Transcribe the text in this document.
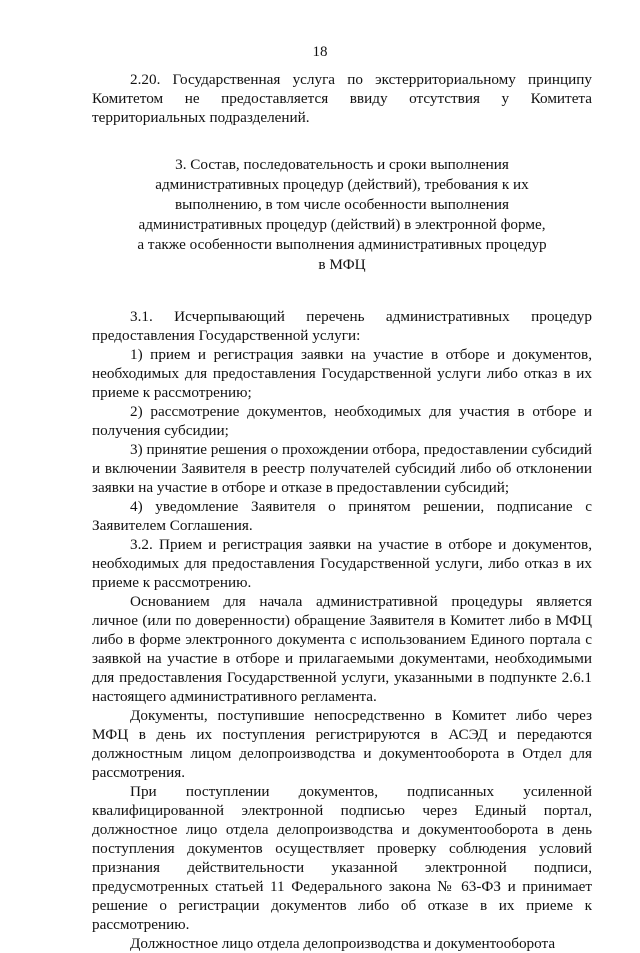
18

2.20. Государственная услуга по экстерриториальному принципу Комитетом не предоставляется ввиду отсутствия у Комитета территориальных подразделений.

3. Состав, последовательность и сроки выполнения
административных процедур (действий), требования к их
выполнению, в том числе особенности выполнения
административных процедур (действий) в электронной форме,
а также особенности выполнения административных процедур
в МФЦ

3.1. Исчерпывающий перечень административных процедур предоставления Государственной услуги:

1) прием и регистрация заявки на участие в отборе и документов, необходимых для предоставления Государственной услуги либо отказ в их приеме к рассмотрению;

2) рассмотрение документов, необходимых для участия в отборе и получения субсидии;

3) принятие решения о прохождении отбора, предоставлении субсидий и включении Заявителя в реестр получателей субсидий либо об отклонении заявки на участие в отборе и отказе в предоставлении субсидий;

4) уведомление Заявителя о принятом решении, подписание с Заявителем Соглашения.

3.2. Прием и регистрация заявки на участие в отборе и документов, необходимых для предоставления Государственной услуги, либо отказ в их приеме к рассмотрению.

Основанием для начала административной процедуры является личное (или по доверенности) обращение Заявителя в Комитет либо в МФЦ либо в форме электронного документа с использованием Единого портала с заявкой на участие в отборе и прилагаемыми документами, необходимыми для предоставления Государственной услуги, указанными в подпункте 2.6.1 настоящего административного регламента.

Документы, поступившие непосредственно в Комитет либо через МФЦ в день их поступления регистрируются в АСЭД и передаются должностным лицом делопроизводства и документооборота в Отдел для рассмотрения.

При поступлении документов, подписанных усиленной квалифицированной электронной подписью через Единый портал, должностное лицо отдела делопроизводства и документооборота в день поступления документов осуществляет проверку соблюдения условий признания действительности указанной электронной подписи, предусмотренных статьей 11 Федерального закона № 63-ФЗ и принимает решение о регистрации документов либо об отказе в их приеме к рассмотрению.

Должностное лицо отдела делопроизводства и документооборота
